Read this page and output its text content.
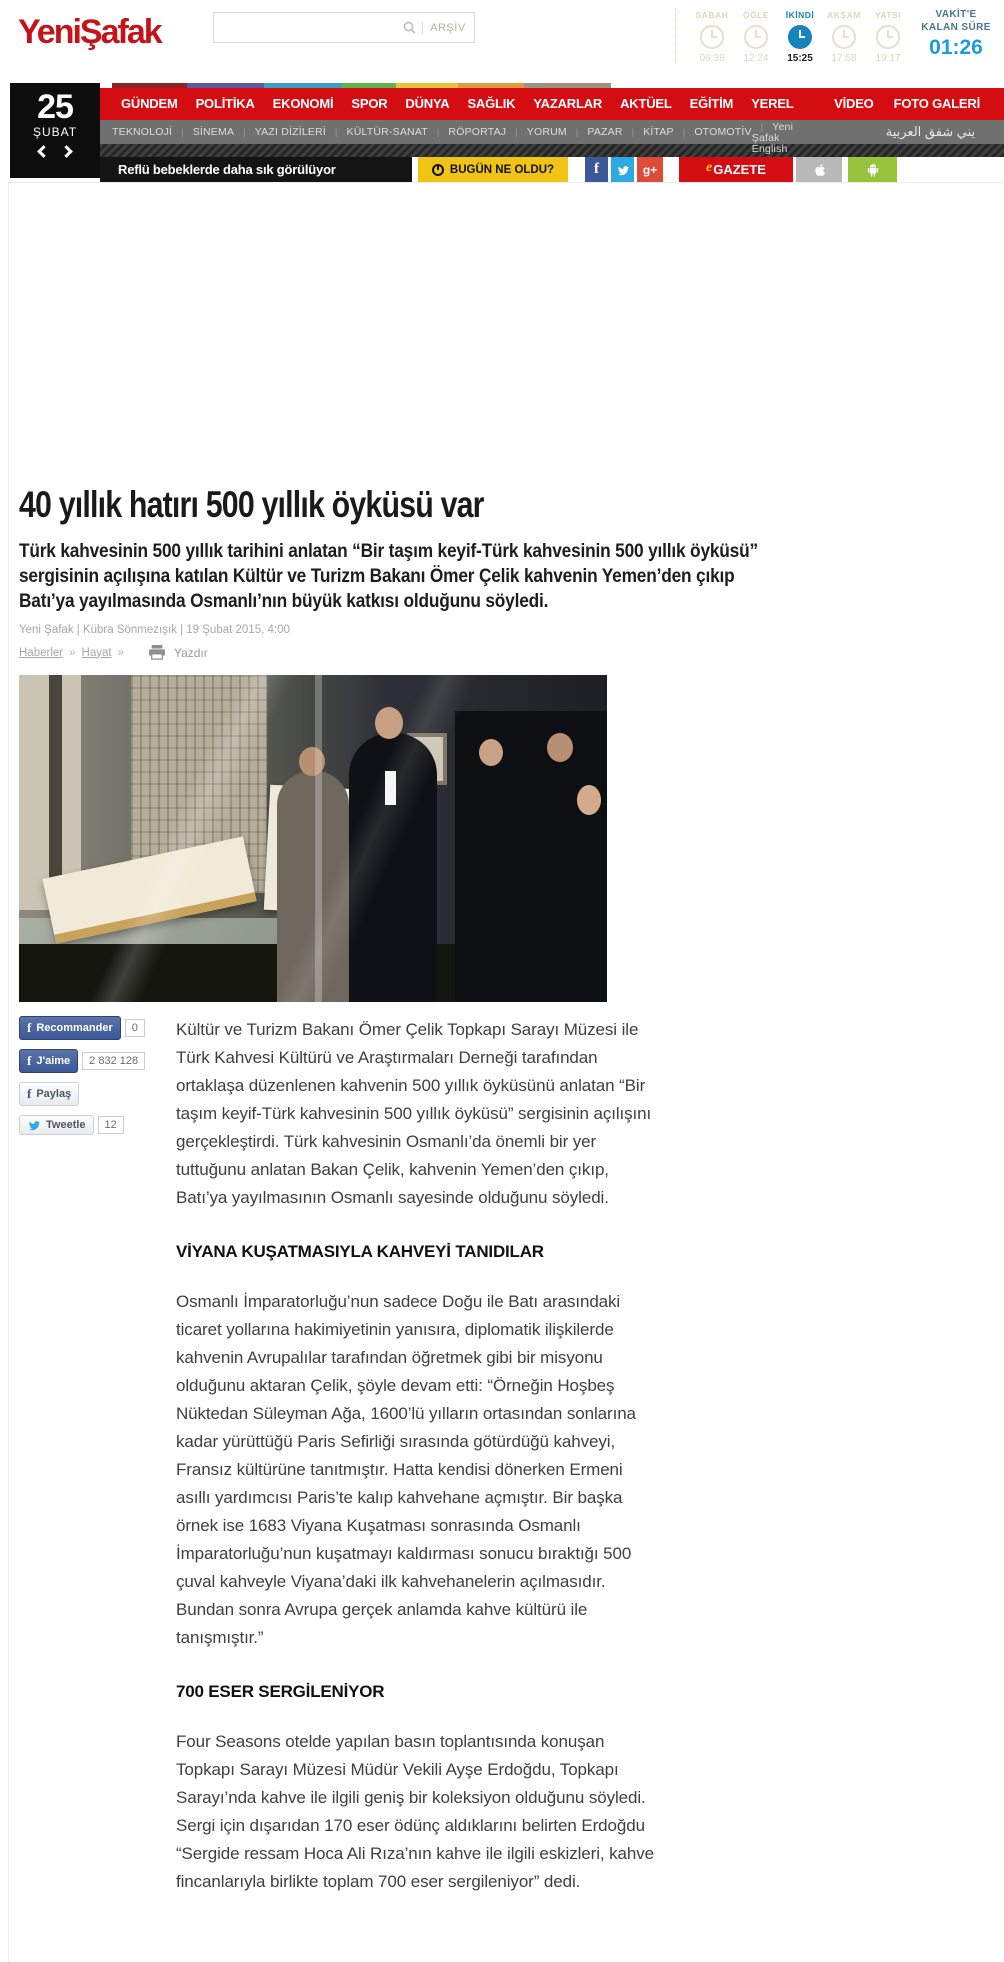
YeniŞafak	ARŞİV
SABAH
06:38
ÖĞLE
12:24
İKİNDİ
15:25
AKŞAM
17:58
YATSI
19:17
VAKİT'E
KALAN SÜRE
01:26
25
ŞUBAT
GÜNDEM	POLİTİKA	EKONOMİ	SPOR	DÜNYA	SAĞLIK	YAZARLAR	AKTÜEL	EĞİTİM	YEREL	VİDEO	FOTO GALERİ
TEKNOLOJİ	| SİNEMA	| YAZI DİZİLERİ	| KÜLTÜR-SANAT	| RÖPORTAJ	| YORUM	| PAZAR	| KİTAP	| OTOMOTİV	| Yeni Şafak English
يني شفق العربية
Reflü bebeklerde daha sık görülüyor	BUGÜN NE OLDU?	f	g+	e GAZETE
40 yıllık hatırı 500 yıllık öyküsü var

Türk kahvesinin 500 yıllık tarihini anlatan “Bir taşım keyif-Türk kahvesinin 500 yıllık öyküsü” sergisinin açılışına katılan Kültür ve Turizm Bakanı Ömer Çelik kahvenin Yemen’den çıkıp Batı’ya yayılmasında Osmanlı’nın büyük katkısı olduğunu söyledi.

Yeni Şafak | Kübra Sönmezışık | 19 Şubat 2015, 4:00
Haberler »	Hayat »	Yazdır
f Recommander	0
f J'aime	2 832 128
f Paylaş
Tweetle	12
Kültür ve Turizm Bakanı Ömer Çelik Topkapı Sarayı Müzesi ile Türk Kahvesi Kültürü ve Araştırmaları Derneği tarafından ortaklaşa düzenlenen kahvenin 500 yıllık öyküsünü anlatan “Bir taşım keyif-Türk kahvesinin 500 yıllık öyküsü” sergisinin açılışını gerçekleştirdi. Türk kahvesinin Osmanlı’da önemli bir yer tuttuğunu anlatan Bakan Çelik, kahvenin Yemen’den çıkıp, Batı’ya yayılmasının Osmanlı sayesinde olduğunu söyledi.
VİYANA KUŞATMASIYLA KAHVEYİ TANIDILAR
Osmanlı İmparatorluğu’nun sadece Doğu ile Batı arasındaki ticaret yollarına hakimiyetinin yanısıra, diplomatik ilişkilerde kahvenin Avrupalılar tarafından öğretmek gibi bir misyonu olduğunu aktaran Çelik, şöyle devam etti: “Örneğin Hoşbeş Nüktedan Süleyman Ağa, 1600’lü yılların ortasından sonlarına kadar yürüttüğü Paris Sefirliği sırasında götürdüğü kahveyi, Fransız kültürüne tanıtmıştır. Hatta kendisi dönerken Ermeni asıllı yardımcısı Paris’te kalıp kahvehane açmıştır. Bir başka örnek ise 1683 Viyana Kuşatması sonrasında Osmanlı İmparatorluğu’nun kuşatmayı kaldırması sonucu bıraktığı 500 çuval kahveyle Viyana’daki ilk kahvehanelerin açılmasıdır. Bundan sonra Avrupa gerçek anlamda kahve kültürü ile tanışmıştır.”
700 ESER SERGİLENİYOR
Four Seasons otelde yapılan basın toplantısında konuşan Topkapı Sarayı Müzesi Müdür Vekili Ayşe Erdoğdu, Topkapı Sarayı’nda kahve ile ilgili geniş bir koleksiyon olduğunu söyledi. Sergi için dışarıdan 170 eser ödünç aldıklarını belirten Erdoğdu “Sergide ressam Hoca Ali Rıza’nın kahve ile ilgili eskizleri, kahve fincanlarıyla birlikte toplam 700 eser sergileniyor” dedi.
